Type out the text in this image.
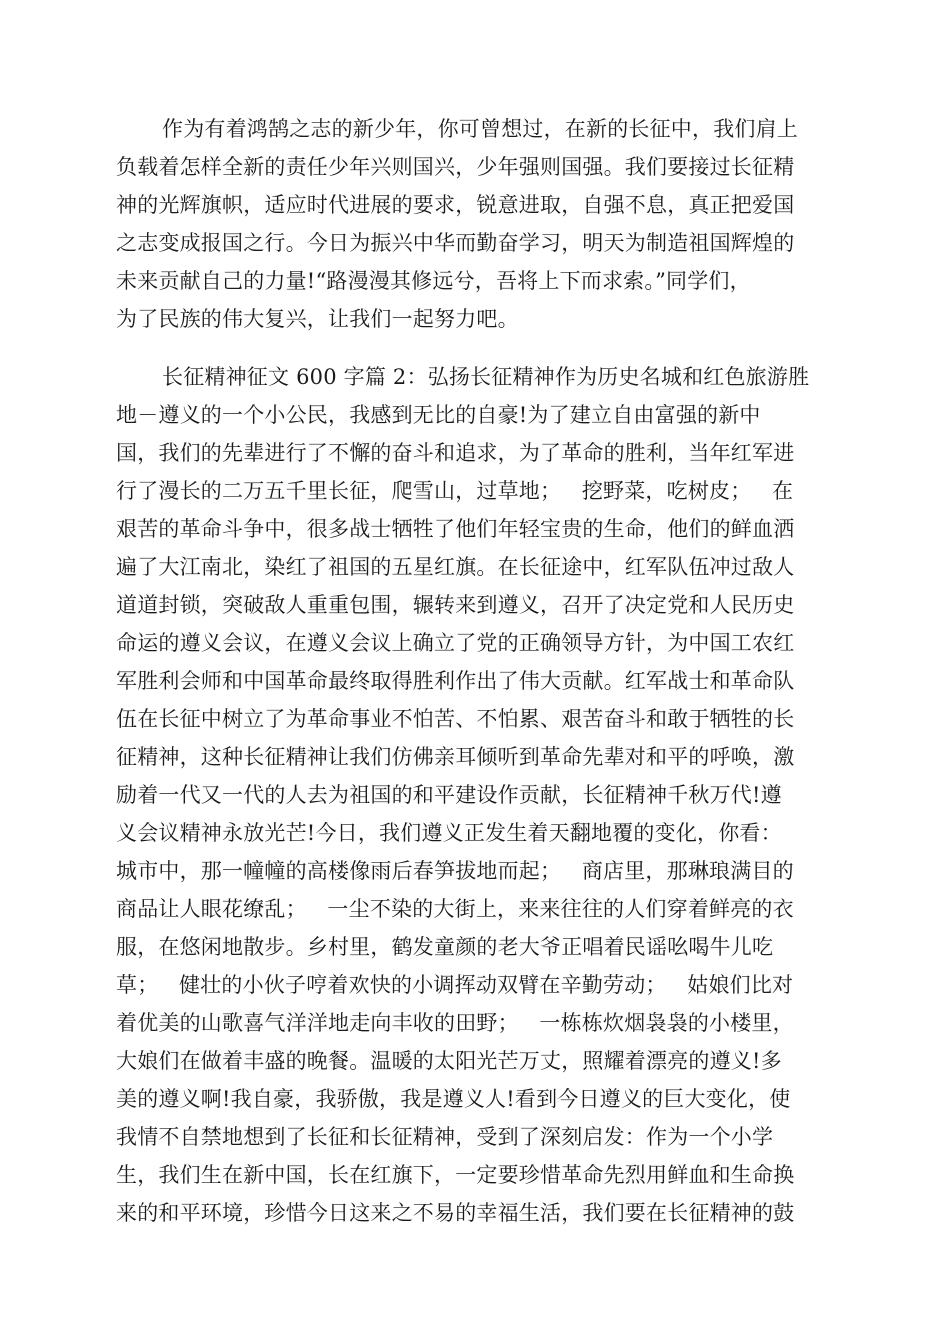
作为有着鸿鹄之志的新少年，你可曾想过，在新的长征中，我们肩上
负载着怎样全新的责任少年兴则国兴，少年强则国强。我们要接过长征精
神的光辉旗帜，适应时代进展的要求，锐意进取，自强不息，真正把爱国
之志变成报国之行。今日为振兴中华而勤奋学习，明天为制造祖国辉煌的
未来贡献自己的力量!“路漫漫其修远兮，吾将上下而求索。”同学们，
为了民族的伟大复兴，让我们一起努力吧。
长征精神征文 600 字篇 2：弘扬长征精神作为历史名城和红色旅游胜
地－遵义的一个小公民，我感到无比的自豪!为了建立自由富强的新中
国，我们的先辈进行了不懈的奋斗和追求，为了革命的胜利，当年红军进
行了漫长的二万五千里长征，爬雪山，过草地；   挖野菜，吃树皮；   在
艰苦的革命斗争中，很多战士牺牲了他们年轻宝贵的生命，他们的鲜血洒
遍了大江南北，染红了祖国的五星红旗。在长征途中，红军队伍冲过敌人
道道封锁，突破敌人重重包围，辗转来到遵义，召开了决定党和人民历史
命运的遵义会议，在遵义会议上确立了党的正确领导方针，为中国工农红
军胜利会师和中国革命最终取得胜利作出了伟大贡献。红军战士和革命队
伍在长征中树立了为革命事业不怕苦、不怕累、艰苦奋斗和敢于牺牲的长
征精神，这种长征精神让我们仿佛亲耳倾听到革命先辈对和平的呼唤，激
励着一代又一代的人去为祖国的和平建设作贡献，长征精神千秋万代!遵
义会议精神永放光芒!今日，我们遵义正发生着天翻地覆的变化，你看：
城市中，那一幢幢的高楼像雨后春笋拔地而起；   商店里，那琳琅满目的
商品让人眼花缭乱；   一尘不染的大街上，来来往往的人们穿着鲜亮的衣
服，在悠闲地散步。乡村里，鹤发童颜的老大爷正唱着民谣吆喝牛儿吃
草；   健壮的小伙子哼着欢快的小调挥动双臂在辛勤劳动；   姑娘们比对
着优美的山歌喜气洋洋地走向丰收的田野；   一栋栋炊烟袅袅的小楼里，
大娘们在做着丰盛的晚餐。温暖的太阳光芒万丈，照耀着漂亮的遵义!多
美的遵义啊!我自豪，我骄傲，我是遵义人!看到今日遵义的巨大变化，使
我情不自禁地想到了长征和长征精神，受到了深刻启发：作为一个小学
生，我们生在新中国，长在红旗下，一定要珍惜革命先烈用鲜血和生命换
来的和平环境，珍惜今日这来之不易的幸福生活，我们要在长征精神的鼓
